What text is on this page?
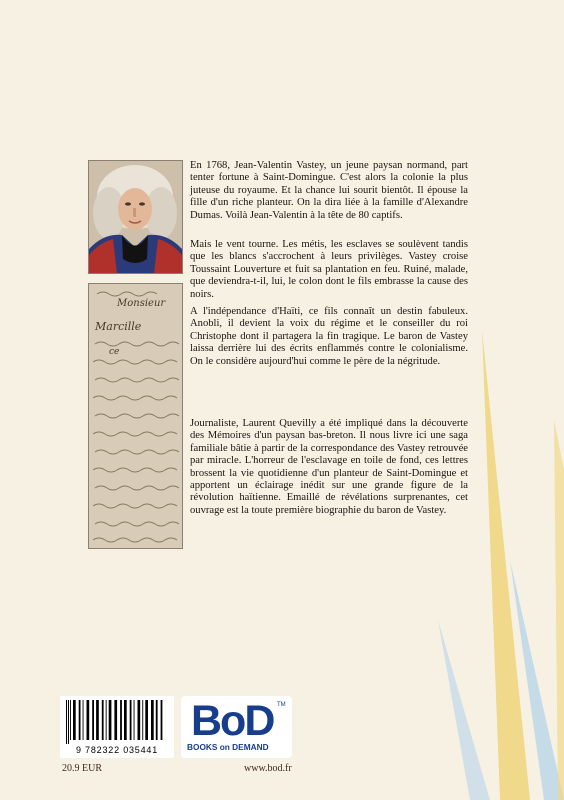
Monsieur
Marcille
ce

En 1768, Jean-Valentin Vastey, un jeune paysan normand, part tenter fortune à Saint-Domingue. C'est alors la colonie la plus juteuse du royaume. Et la chance lui sourit bientôt. Il épouse la fille d'un riche planteur. On la dira liée à la famille d'Alexandre Dumas. Voilà Jean-Valentin à la tête de 80 captifs.

Mais le vent tourne. Les métis, les esclaves se soulèvent tandis que les blancs s'accrochent à leurs privilèges. Vastey croise Toussaint Louverture et fuit sa plantation en feu. Ruiné, malade, que deviendra-t-il, lui, le colon dont le fils embrasse la cause des noirs.

A l'indépendance d'Haïti, ce fils connaît un destin fabuleux. Anobli, il devient la voix du régime et le conseiller du roi Christophe dont il partagera la fin tragique. Le baron de Vastey laissa derrière lui des écrits enflammés contre le colonialisme. On le considère aujourd'hui comme le père de la négritude.

Journaliste, Laurent Quevilly a été impliqué dans la découverte des Mémoires d'un paysan bas-breton. Il nous livre ici une saga familiale bâtie à partir de la correspondance des Vastey retrouvée par miracle. L'horreur de l'esclavage en toile de fond, ces lettres brossent la vie quotidienne d'un planteur de Saint-Domingue et apportent un éclairage inédit sur une grande figure de la révolution haïtienne. Emaillé de révélations surprenantes, cet ouvrage est la toute première biographie du baron de Vastey.

9 782322 035441
BoD TM
BOOKS on DEMAND
20.9 EUR	www.bod.fr
